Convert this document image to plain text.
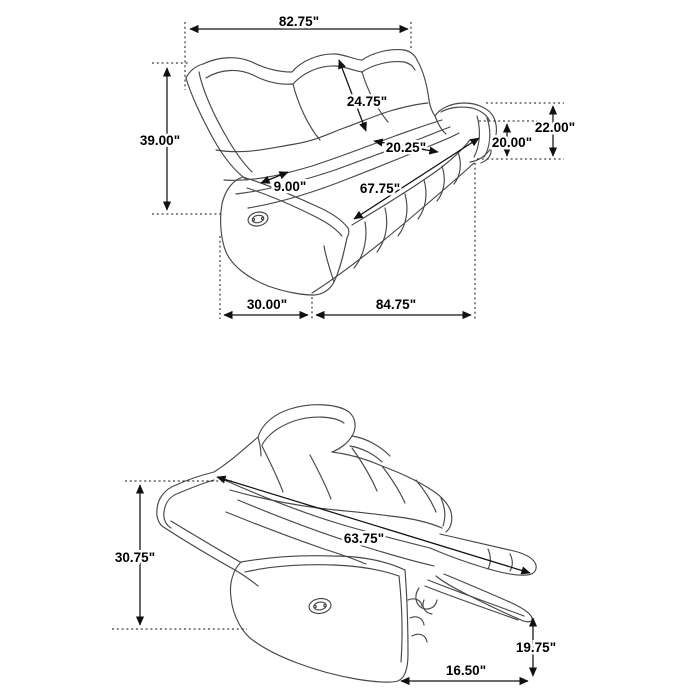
82.75"
39.00"
24.75"
20.25"
9.00"	67.75"
22.00"
20.00"
30.00"	84.75"
30.75"
63.75"
19.75"
16.50"
